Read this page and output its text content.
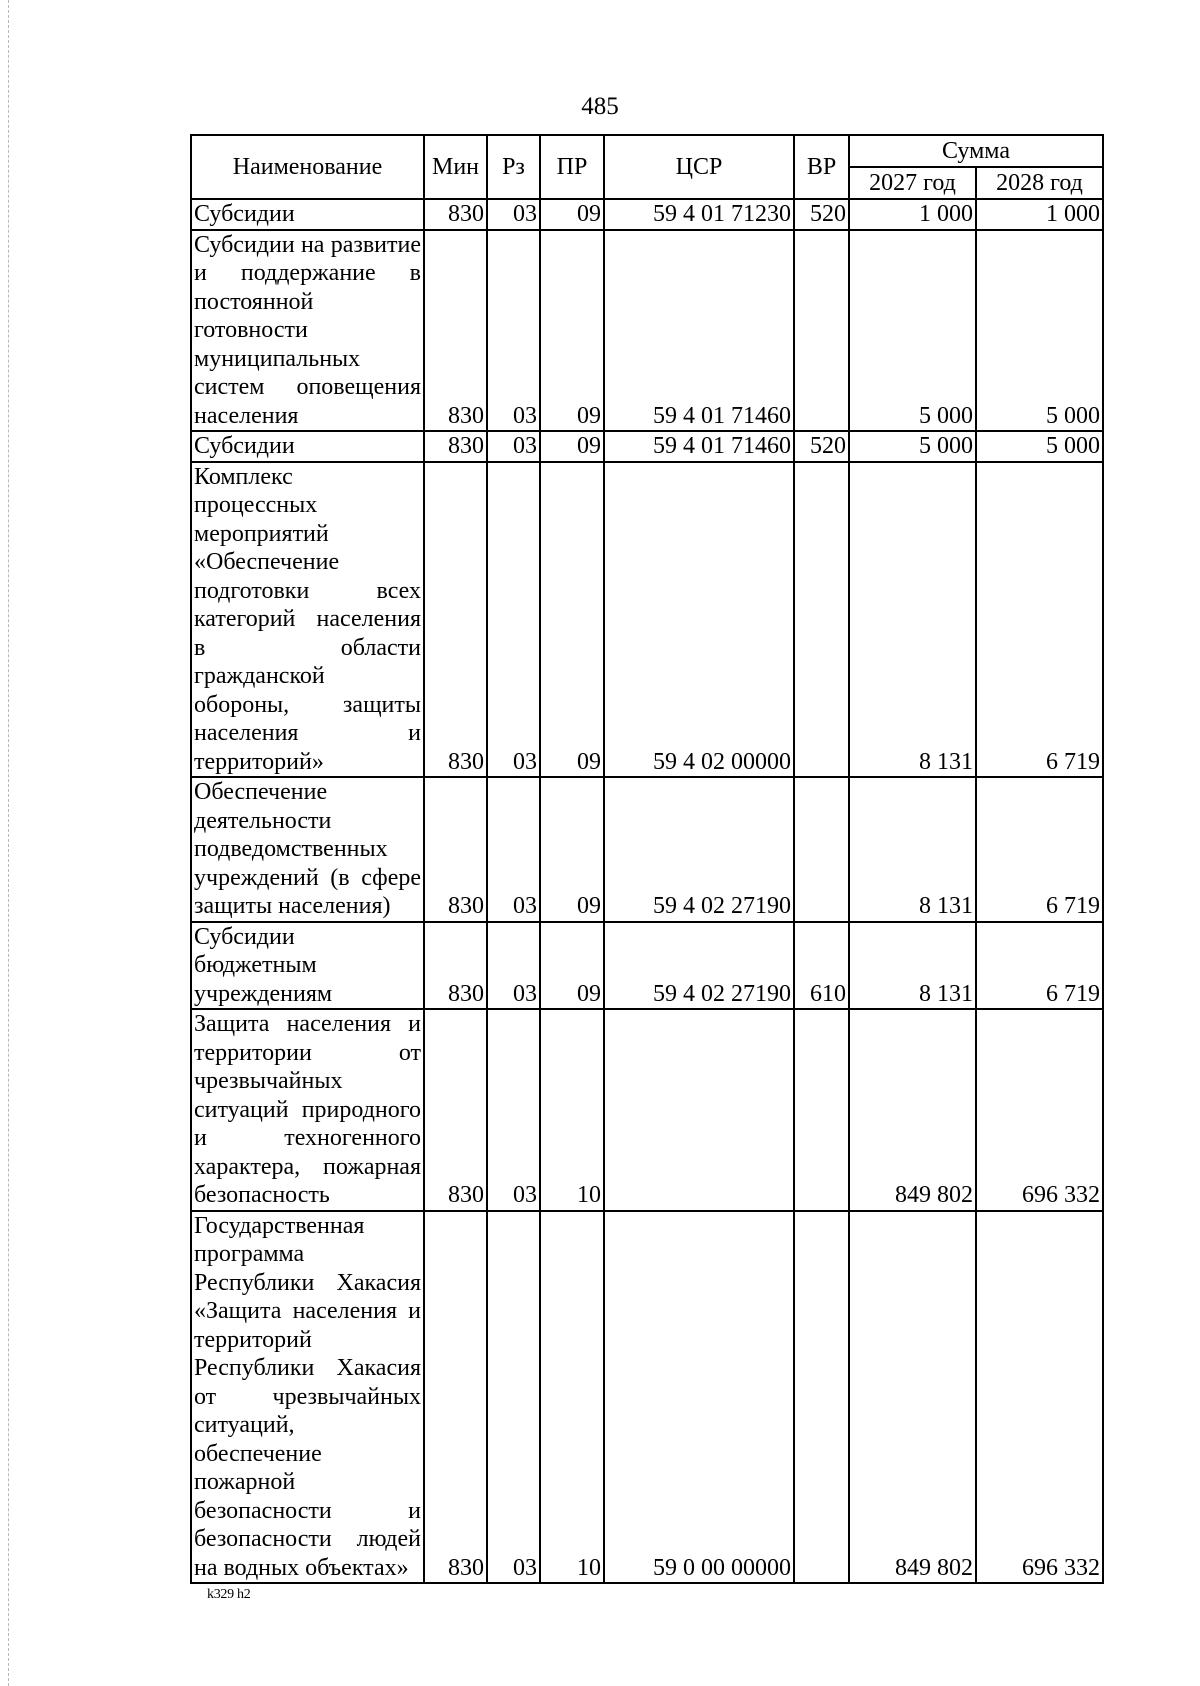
485
Наименование	Мин	Рз	ПР	ЦСР	ВР	Сумма	
						2027 год	2028 год
Субсидии	830	03	09	59 4 01 71230	520	1 000	1 000
Субсидии на развитие и поддержание в постоянной готовности муниципальных систем оповещения населения	830	03	09	59 4 01 71460		5 000	5 000
Субсидии	830	03	09	59 4 01 71460	520	5 000	5 000
Комплекс процессных мероприятий «Обеспечение подготовки всех категорий населения в области гражданской обороны, защиты населения и территорий»	830	03	09	59 4 02 00000		8 131	6 719
Обеспечение деятельности подведомственных учреждений (в сфере защиты населения)	830	03	09	59 4 02 27190		8 131	6 719
Субсидии бюджетным учреждениям	830	03	09	59 4 02 27190	610	8 131	6 719
Защита населения и территории от чрезвычайных ситуаций природного и техногенного характера, пожарная безопасность	830	03	10			849 802	696 332
Государственная программа Республики Хакасия «Защита населения и территорий Республики Хакасия от чрезвычайных ситуаций, обеспечение пожарной безопасности и безопасности людей на водных объектах»	830	03	10	59 0 00 00000		849 802	696 332
k329 h2
